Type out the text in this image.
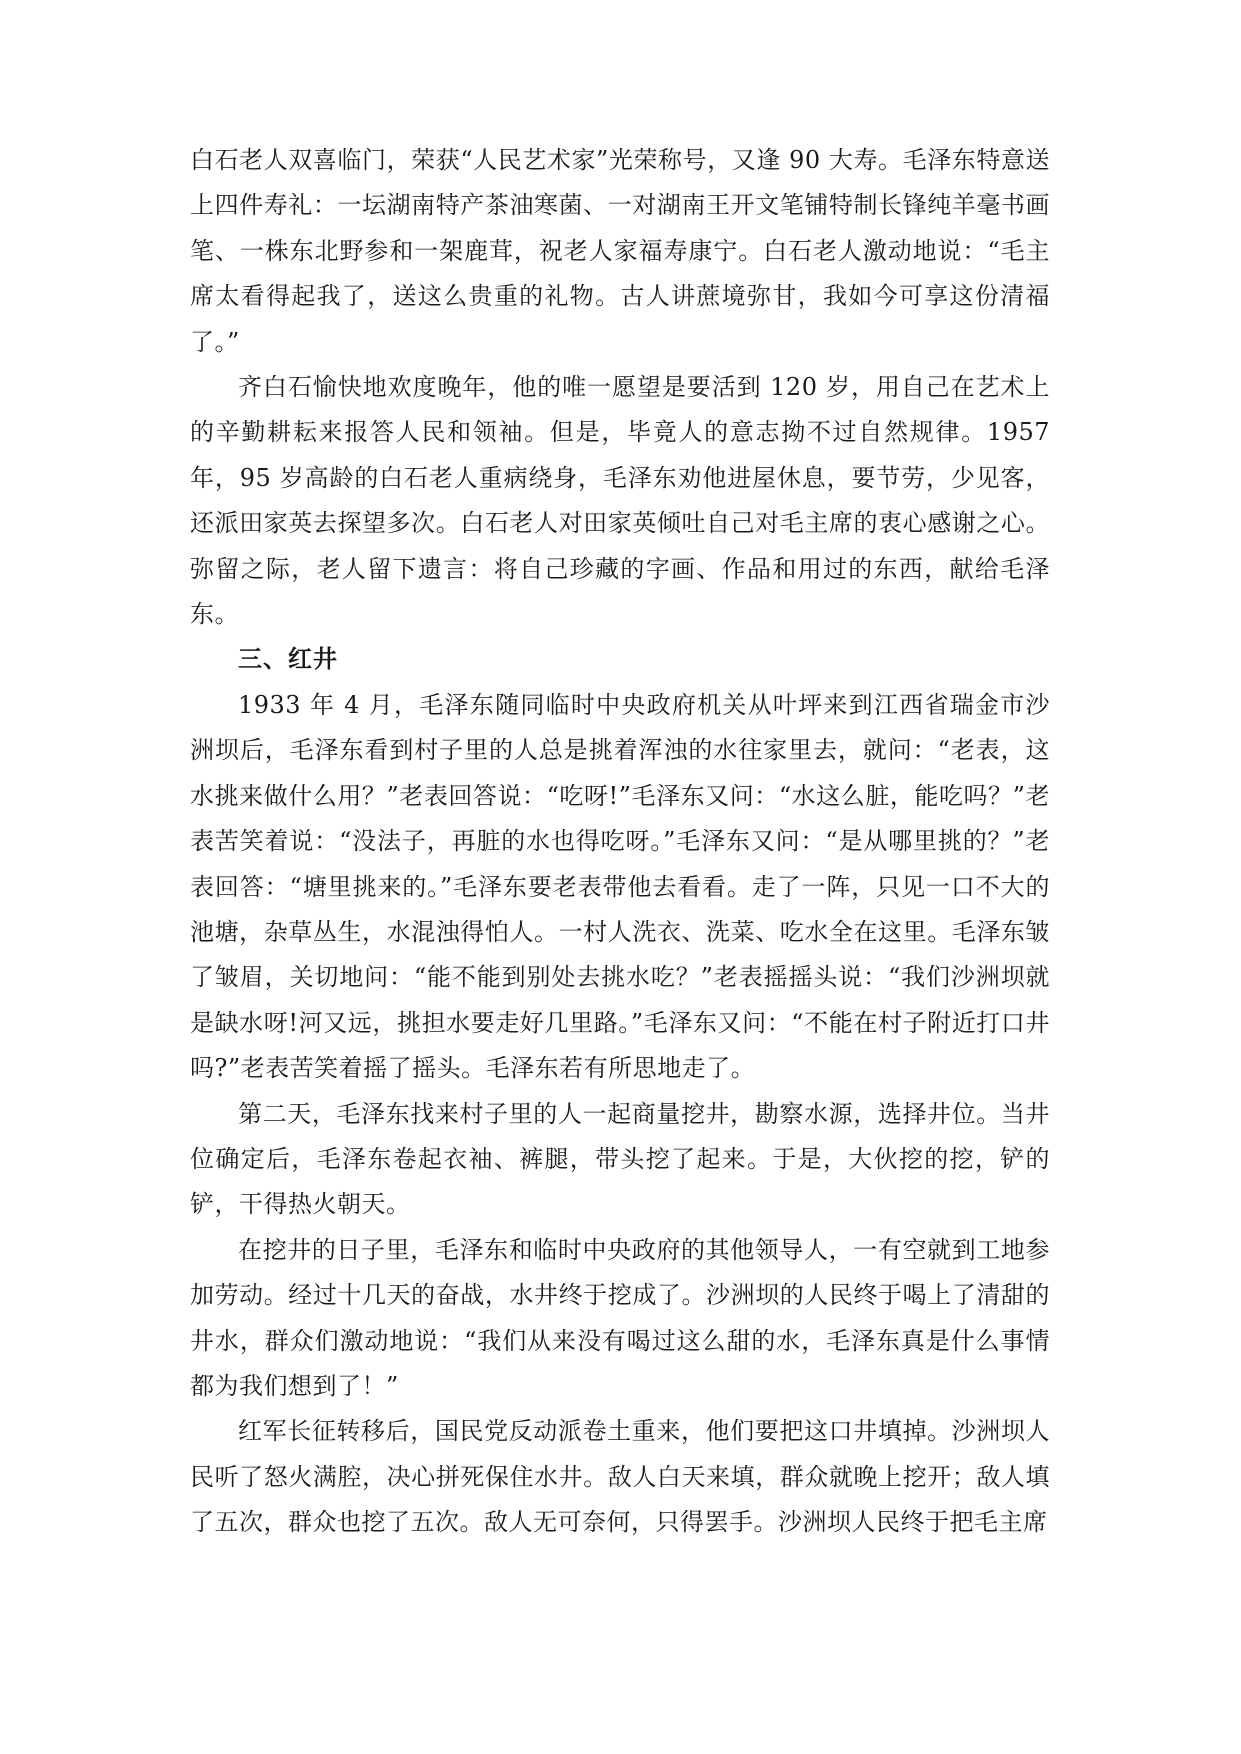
白石老人双喜临门，荣获“人民艺术家”光荣称号，又逢 90 大寿。毛泽东特意送上四件寿礼：一坛湖南特产茶油寒菌、一对湖南王开文笔铺特制长锋纯羊毫书画笔、一株东北野参和一架鹿茸，祝老人家福寿康宁。白石老人激动地说：“毛主席太看得起我了，送这么贵重的礼物。古人讲蔗境弥甘，我如今可享这份清福了。”

齐白石愉快地欢度晚年，他的唯一愿望是要活到 120 岁，用自己在艺术上的辛勤耕耘来报答人民和领袖。但是，毕竟人的意志拗不过自然规律。1957 年，95 岁高龄的白石老人重病绕身，毛泽东劝他进屋休息，要节劳，少见客，还派田家英去探望多次。白石老人对田家英倾吐自己对毛主席的衷心感谢之心。弥留之际，老人留下遗言：将自己珍藏的字画、作品和用过的东西，献给毛泽东。

三、红井

1933 年 4 月，毛泽东随同临时中央政府机关从叶坪来到江西省瑞金市沙洲坝后，毛泽东看到村子里的人总是挑着浑浊的水往家里去，就问：“老表，这水挑来做什么用？”老表回答说：“吃呀!”毛泽东又问：“水这么脏，能吃吗？”老表苦笑着说：“没法子，再脏的水也得吃呀。”毛泽东又问：“是从哪里挑的？”老表回答：“塘里挑来的。”毛泽东要老表带他去看看。走了一阵，只见一口不大的池塘，杂草丛生，水混浊得怕人。一村人洗衣、洗菜、吃水全在这里。毛泽东皱了皱眉，关切地问：“能不能到别处去挑水吃？”老表摇摇头说：“我们沙洲坝就是缺水呀!河又远，挑担水要走好几里路。”毛泽东又问：“不能在村子附近打口井吗?”老表苦笑着摇了摇头。毛泽东若有所思地走了。

第二天，毛泽东找来村子里的人一起商量挖井，勘察水源，选择井位。当井位确定后，毛泽东卷起衣袖、裤腿，带头挖了起来。于是，大伙挖的挖，铲的铲，干得热火朝天。

在挖井的日子里，毛泽东和临时中央政府的其他领导人，一有空就到工地参加劳动。经过十几天的奋战，水井终于挖成了。沙洲坝的人民终于喝上了清甜的井水，群众们激动地说：“我们从来没有喝过这么甜的水，毛泽东真是什么事情都为我们想到了！”

红军长征转移后，国民党反动派卷土重来，他们要把这口井填掉。沙洲坝人民听了怒火满腔，决心拼死保住水井。敌人白天来填，群众就晚上挖开；敌人填了五次，群众也挖了五次。敌人无可奈何，只得罢手。沙洲坝人民终于把毛主席
